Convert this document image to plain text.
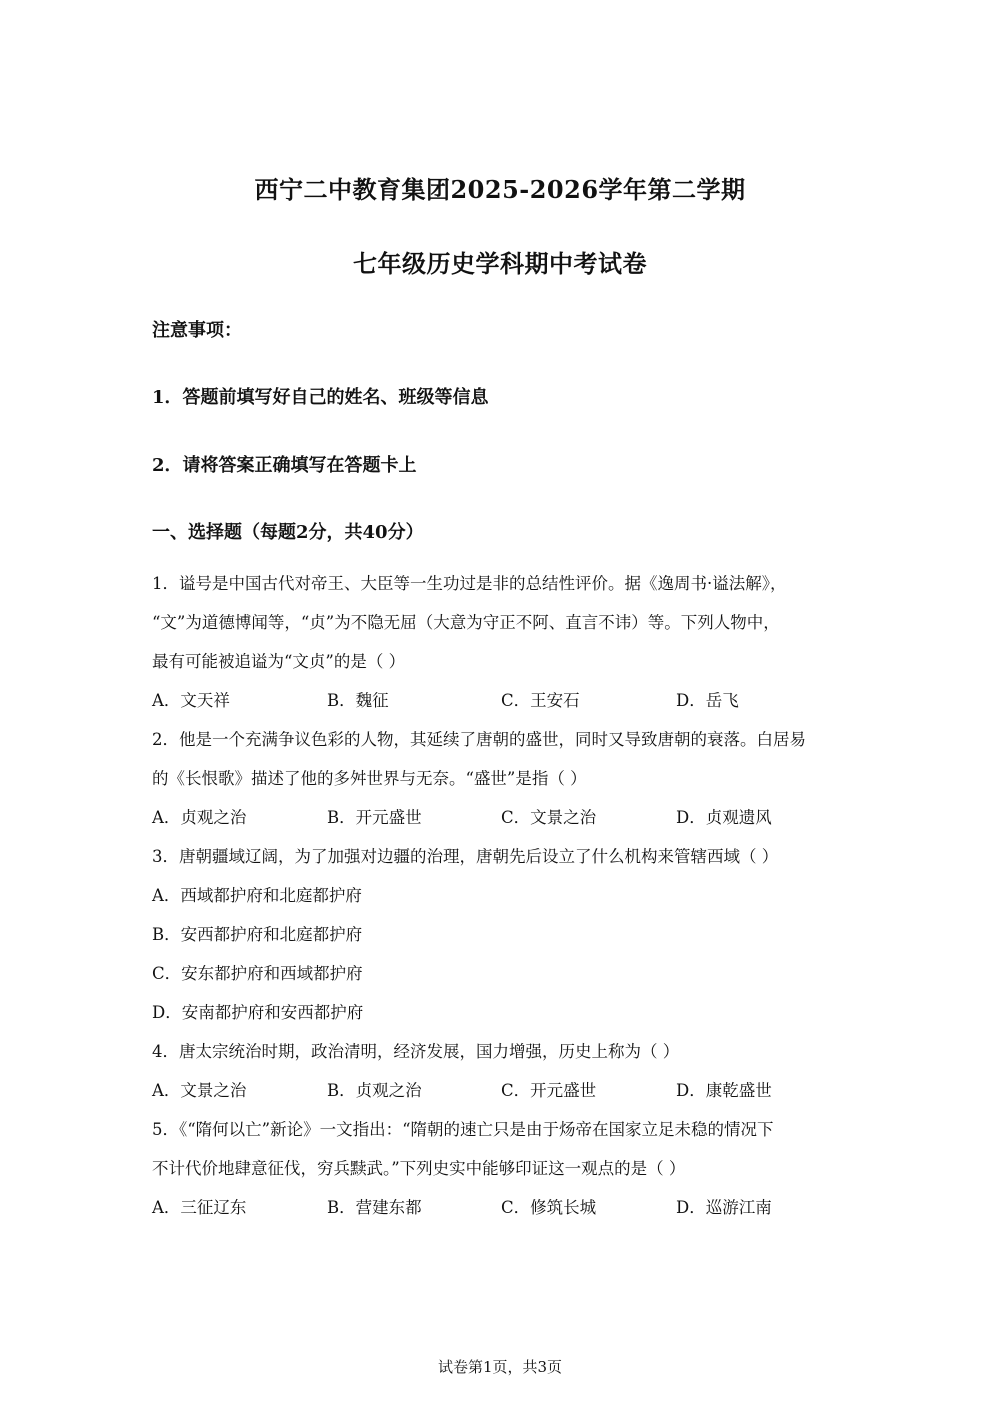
西宁二中教育集团2025-2026学年第二学期
七年级历史学科期中考试卷
注意事项：
1．答题前填写好自己的姓名、班级等信息
2．请将答案正确填写在答题卡上
一、选择题（每题2分，共40分）
1．谥号是中国古代对帝王、大臣等一生功过是非的总结性评价。据《逸周书·谥法解》，
“文”为道德博闻等，“贞”为不隐无屈（大意为守正不阿、直言不讳）等。下列人物中，
最有可能被追谥为“文贞”的是（ ）
A．文天祥	B．魏征	C．王安石	D．岳飞
2．他是一个充满争议色彩的人物，其延续了唐朝的盛世，同时又导致唐朝的衰落。白居易
的《长恨歌》描述了他的多舛世界与无奈。“盛世”是指（ ）
A．贞观之治	B．开元盛世	C．文景之治	D．贞观遗风
3．唐朝疆域辽阔，为了加强对边疆的治理，唐朝先后设立了什么机构来管辖西域（ ）
A．西域都护府和北庭都护府
B．安西都护府和北庭都护府
C．安东都护府和西域都护府
D．安南都护府和安西都护府
4．唐太宗统治时期，政治清明，经济发展，国力增强，历史上称为（ ）
A．文景之治	B．贞观之治	C．开元盛世	D．康乾盛世
5．《“隋何以亡”新论》一文指出：“隋朝的速亡只是由于炀帝在国家立足未稳的情况下
不计代价地肆意征伐，穷兵黩武。”下列史实中能够印证这一观点的是（ ）
A．三征辽东	B．营建东都	C．修筑长城	D．巡游江南
试卷第1页，共3页
